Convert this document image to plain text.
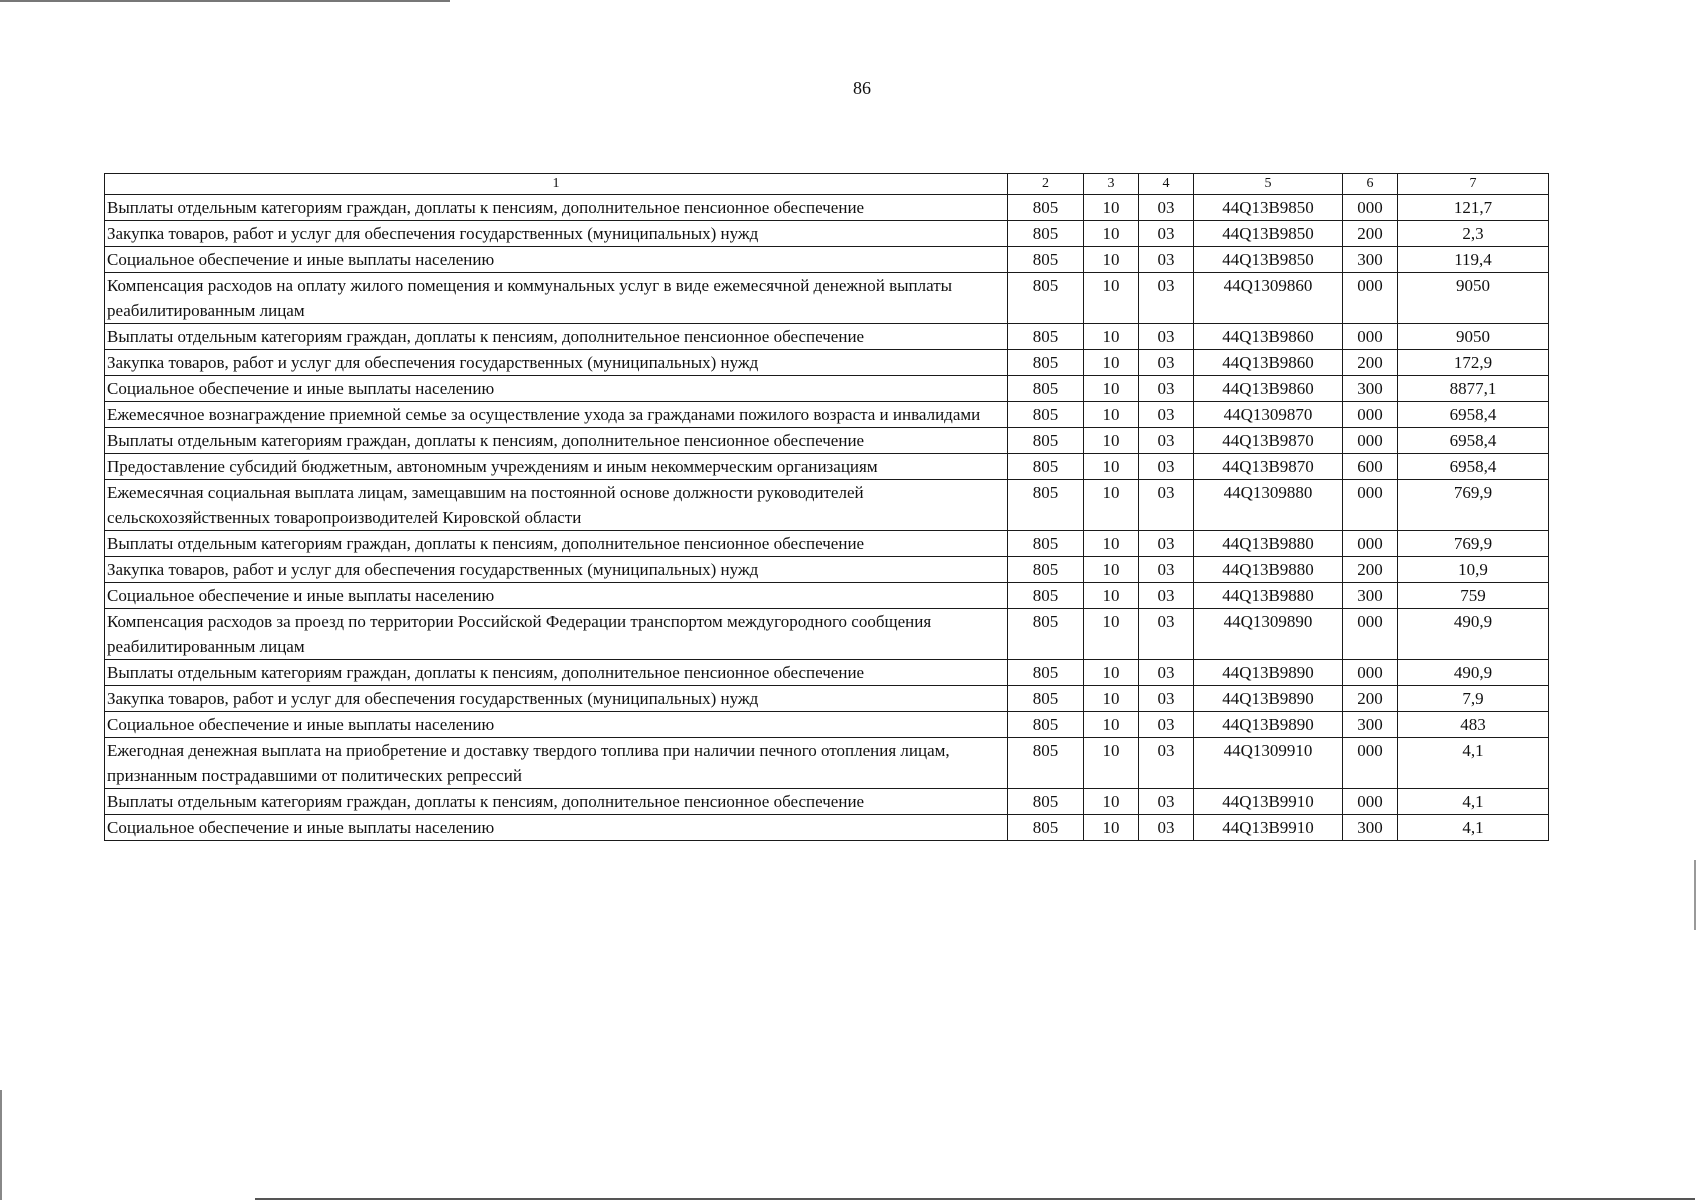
86
1	2	3	4	5	6	7
Выплаты отдельным категориям граждан, доплаты к пенсиям, дополнительное пенсионное обеспечение	805	10	03	44Q13B9850	000	121,7
Закупка товаров, работ и услуг для обеспечения государственных (муниципальных) нужд	805	10	03	44Q13B9850	200	2,3
Социальное обеспечение и иные выплаты населению	805	10	03	44Q13B9850	300	119,4
Компенсация расходов на оплату жилого помещения и коммунальных услуг в виде ежемесячной денежной выплаты реабилитированным лицам	805	10	03	44Q1309860	000	9050
Выплаты отдельным категориям граждан, доплаты к пенсиям, дополнительное пенсионное обеспечение	805	10	03	44Q13B9860	000	9050
Закупка товаров, работ и услуг для обеспечения государственных (муниципальных) нужд	805	10	03	44Q13B9860	200	172,9
Социальное обеспечение и иные выплаты населению	805	10	03	44Q13B9860	300	8877,1
Ежемесячное вознаграждение приемной семье за осуществление ухода за гражданами пожилого возраста и инвалидами	805	10	03	44Q1309870	000	6958,4
Выплаты отдельным категориям граждан, доплаты к пенсиям, дополнительное пенсионное обеспечение	805	10	03	44Q13B9870	000	6958,4
Предоставление субсидий бюджетным, автономным учреждениям и иным некоммерческим организациям	805	10	03	44Q13B9870	600	6958,4
Ежемесячная социальная выплата лицам, замещавшим на постоянной основе должности руководителей сельскохозяйственных товаропроизводителей Кировской области	805	10	03	44Q1309880	000	769,9
Выплаты отдельным категориям граждан, доплаты к пенсиям, дополнительное пенсионное обеспечение	805	10	03	44Q13B9880	000	769,9
Закупка товаров, работ и услуг для обеспечения государственных (муниципальных) нужд	805	10	03	44Q13B9880	200	10,9
Социальное обеспечение и иные выплаты населению	805	10	03	44Q13B9880	300	759
Компенсация расходов за проезд по территории Российской Федерации транспортом междугородного сообщения реабилитированным лицам	805	10	03	44Q1309890	000	490,9
Выплаты отдельным категориям граждан, доплаты к пенсиям, дополнительное пенсионное обеспечение	805	10	03	44Q13B9890	000	490,9
Закупка товаров, работ и услуг для обеспечения государственных (муниципальных) нужд	805	10	03	44Q13B9890	200	7,9
Социальное обеспечение и иные выплаты населению	805	10	03	44Q13B9890	300	483
Ежегодная денежная выплата на приобретение и доставку твердого топлива при наличии печного отопления лицам, признанным пострадавшими от политических репрессий	805	10	03	44Q1309910	000	4,1
Выплаты отдельным категориям граждан, доплаты к пенсиям, дополнительное пенсионное обеспечение	805	10	03	44Q13B9910	000	4,1
Социальное обеспечение и иные выплаты населению	805	10	03	44Q13B9910	300	4,1
